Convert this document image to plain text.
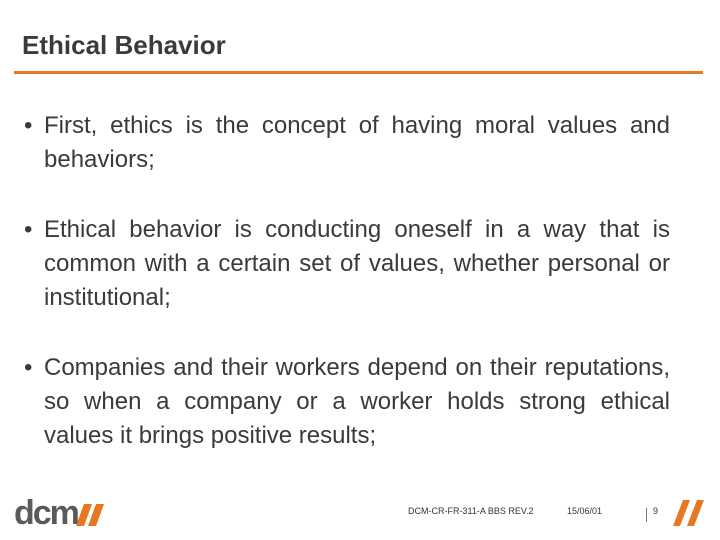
Ethical Behavior
• First, ethics is the concept of having moral values and behaviors;
• Ethical behavior is conducting oneself in a way that is common with a certain set of values, whether personal or institutional;
• Companies and their workers depend on their reputations, so when a company or a worker holds strong ethical values it brings positive results;
dcm	DCM-CR-FR-311-A BBS REV.2	15/06/01	9
